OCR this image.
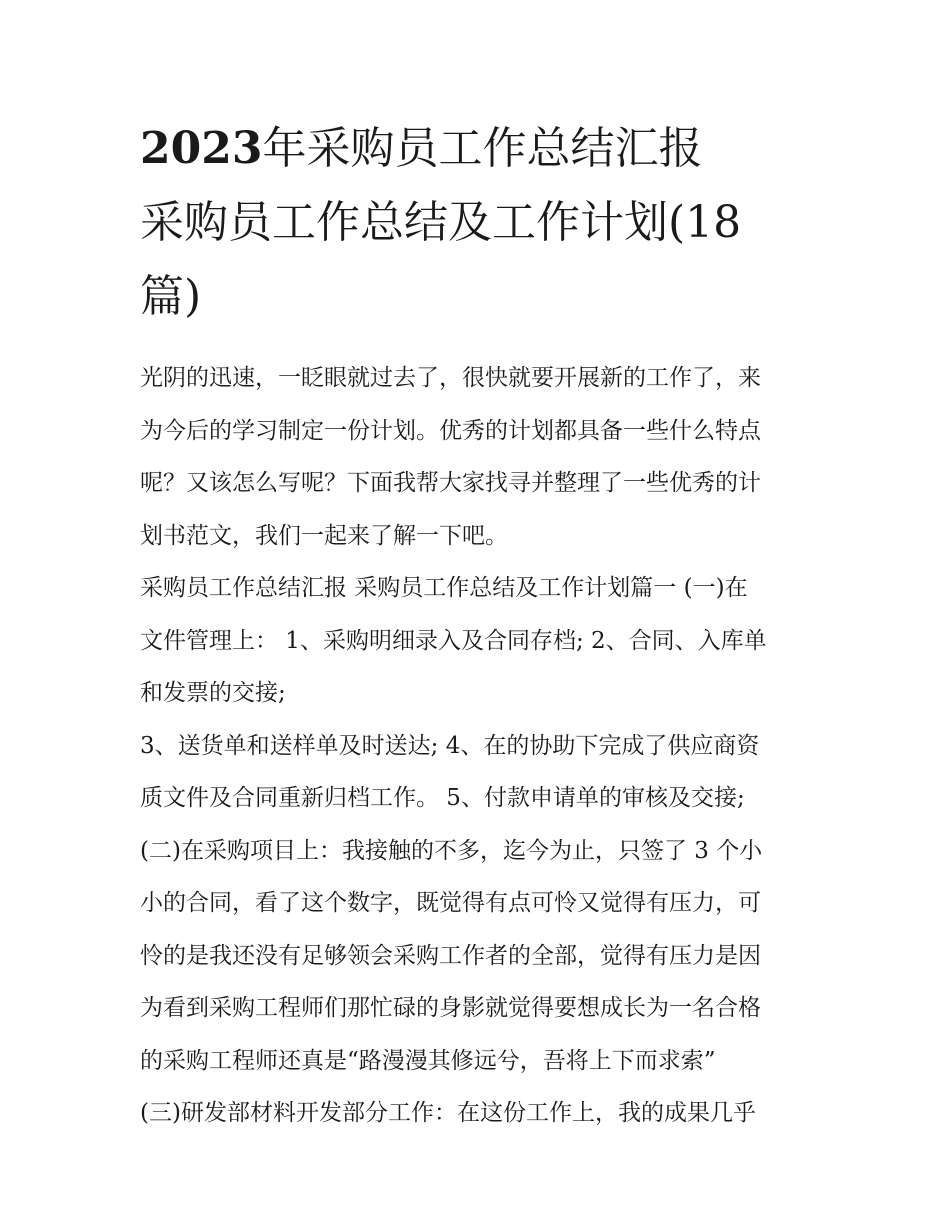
2023年采购员工作总结汇报
采购员工作总结及工作计划(18
篇)
光阴的迅速，一眨眼就过去了，很快就要开展新的工作了，来
为今后的学习制定一份计划。优秀的计划都具备一些什么特点
呢？又该怎么写呢？下面我帮大家找寻并整理了一些优秀的计
划书范文，我们一起来了解一下吧。
采购员工作总结汇报 采购员工作总结及工作计划篇一 (一)在
文件管理上： 1、采购明细录入及合同存档; 2、合同、入库单
和发票的交接;
3、送货单和送样单及时送达; 4、在的协助下完成了供应商资
质文件及合同重新归档工作。 5、付款申请单的审核及交接;
(二)在采购项目上：我接触的不多，迄今为止，只签了 3 个小
小的合同，看了这个数字，既觉得有点可怜又觉得有压力，可
怜的是我还没有足够领会采购工作者的全部，觉得有压力是因
为看到采购工程师们那忙碌的身影就觉得要想成长为一名合格
的采购工程师还真是“路漫漫其修远兮，吾将上下而求索”
(三)研发部材料开发部分工作：在这份工作上，我的成果几乎
